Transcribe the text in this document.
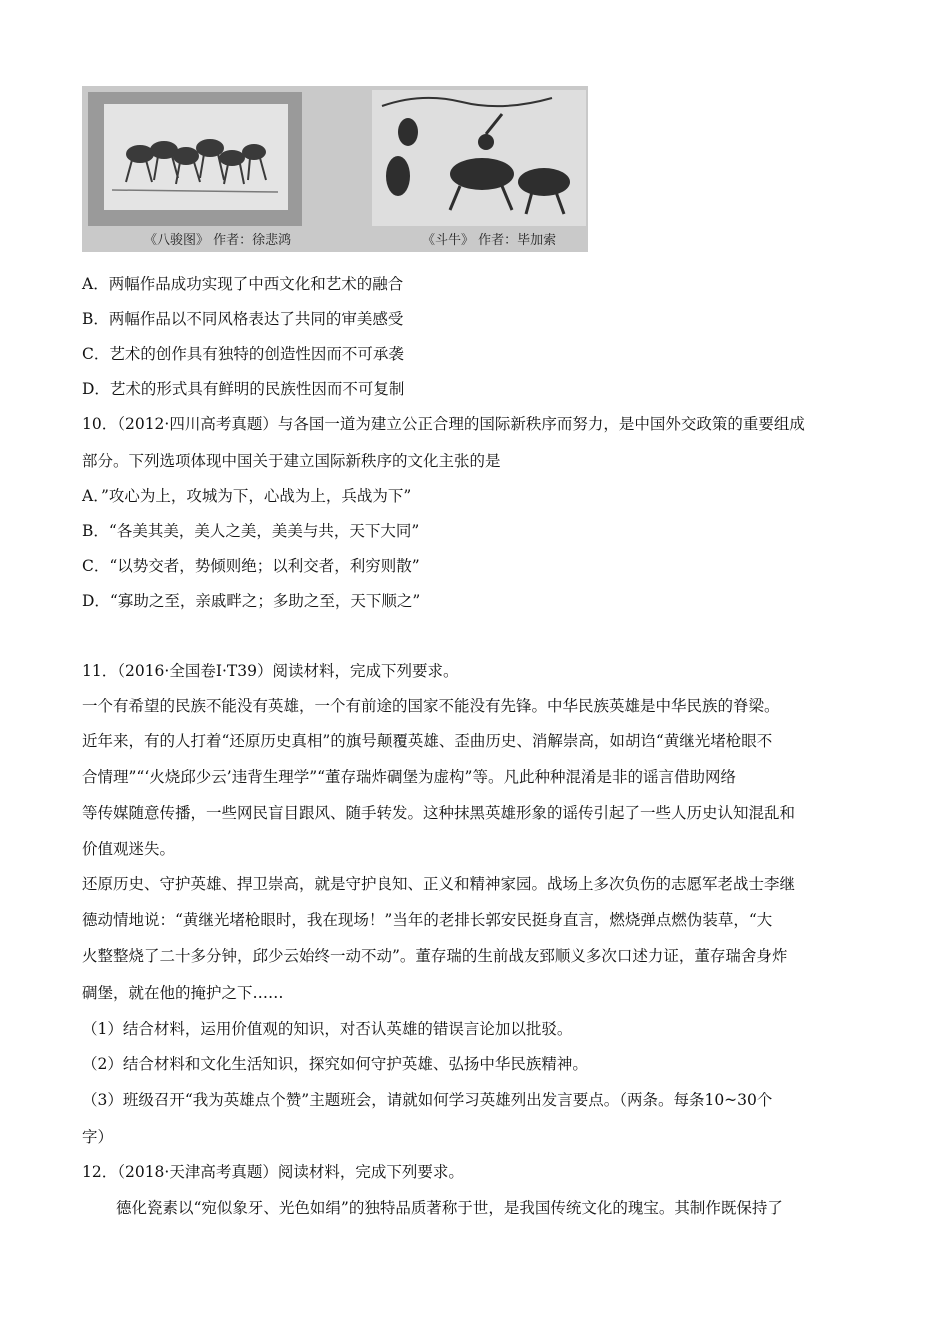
《八骏图》 作者：徐悲鸿	《斗牛》 作者：毕加索
A．两幅作品成功实现了中西文化和艺术的融合
B．两幅作品以不同风格表达了共同的审美感受
C．艺术的创作具有独特的创造性因而不可承袭
D．艺术的形式具有鲜明的民族性因而不可复制
10．（2012·四川高考真题）与各国一道为建立公正合理的国际新秩序而努力，是中国外交政策的重要组成
部分。下列选项体现中国关于建立国际新秩序的文化主张的是
A．”攻心为上，攻城为下，心战为上，兵战为下”
B．“各美其美，美人之美，美美与共，天下大同”
C．“以势交者，势倾则绝；以利交者，利穷则散”
D．“寡助之至，亲戚畔之；多助之至，天下顺之”
11．（2016·全国卷Ⅰ·T39）阅读材料，完成下列要求。
一个有希望的民族不能没有英雄，一个有前途的国家不能没有先锋。中华民族英雄是中华民族的脊梁。
近年来，有的人打着“还原历史真相”的旗号颠覆英雄、歪曲历史、消解崇高，如胡诌“黄继光堵枪眼不
合情理”“‘火烧邱少云’违背生理学”“董存瑞炸碉堡为虚构”等。凡此种种混淆是非的谣言借助网络
等传媒随意传播，一些网民盲目跟风、随手转发。这种抹黑英雄形象的谣传引起了一些人历史认知混乱和
价值观迷失。
还原历史、守护英雄、捍卫崇高，就是守护良知、正义和精神家园。战场上多次负伤的志愿军老战士李继
德动情地说：“黄继光堵枪眼时，我在现场！”当年的老排长郭安民挺身直言，燃烧弹点燃伪装草，“大
火整整烧了二十多分钟，邱少云始终一动不动”。董存瑞的生前战友郅顺义多次口述力证，董存瑞舍身炸
碉堡，就在他的掩护之下……
（1）结合材料，运用价值观的知识，对否认英雄的错误言论加以批驳。
（2）结合材料和文化生活知识，探究如何守护英雄、弘扬中华民族精神。
（3）班级召开“我为英雄点个赞”主题班会，请就如何学习英雄列出发言要点。（两条。每条10~30个
字）
12．（2018·天津高考真题）阅读材料，完成下列要求。
德化瓷素以“宛似象牙、光色如绢”的独特品质著称于世，是我国传统文化的瑰宝。其制作既保持了
